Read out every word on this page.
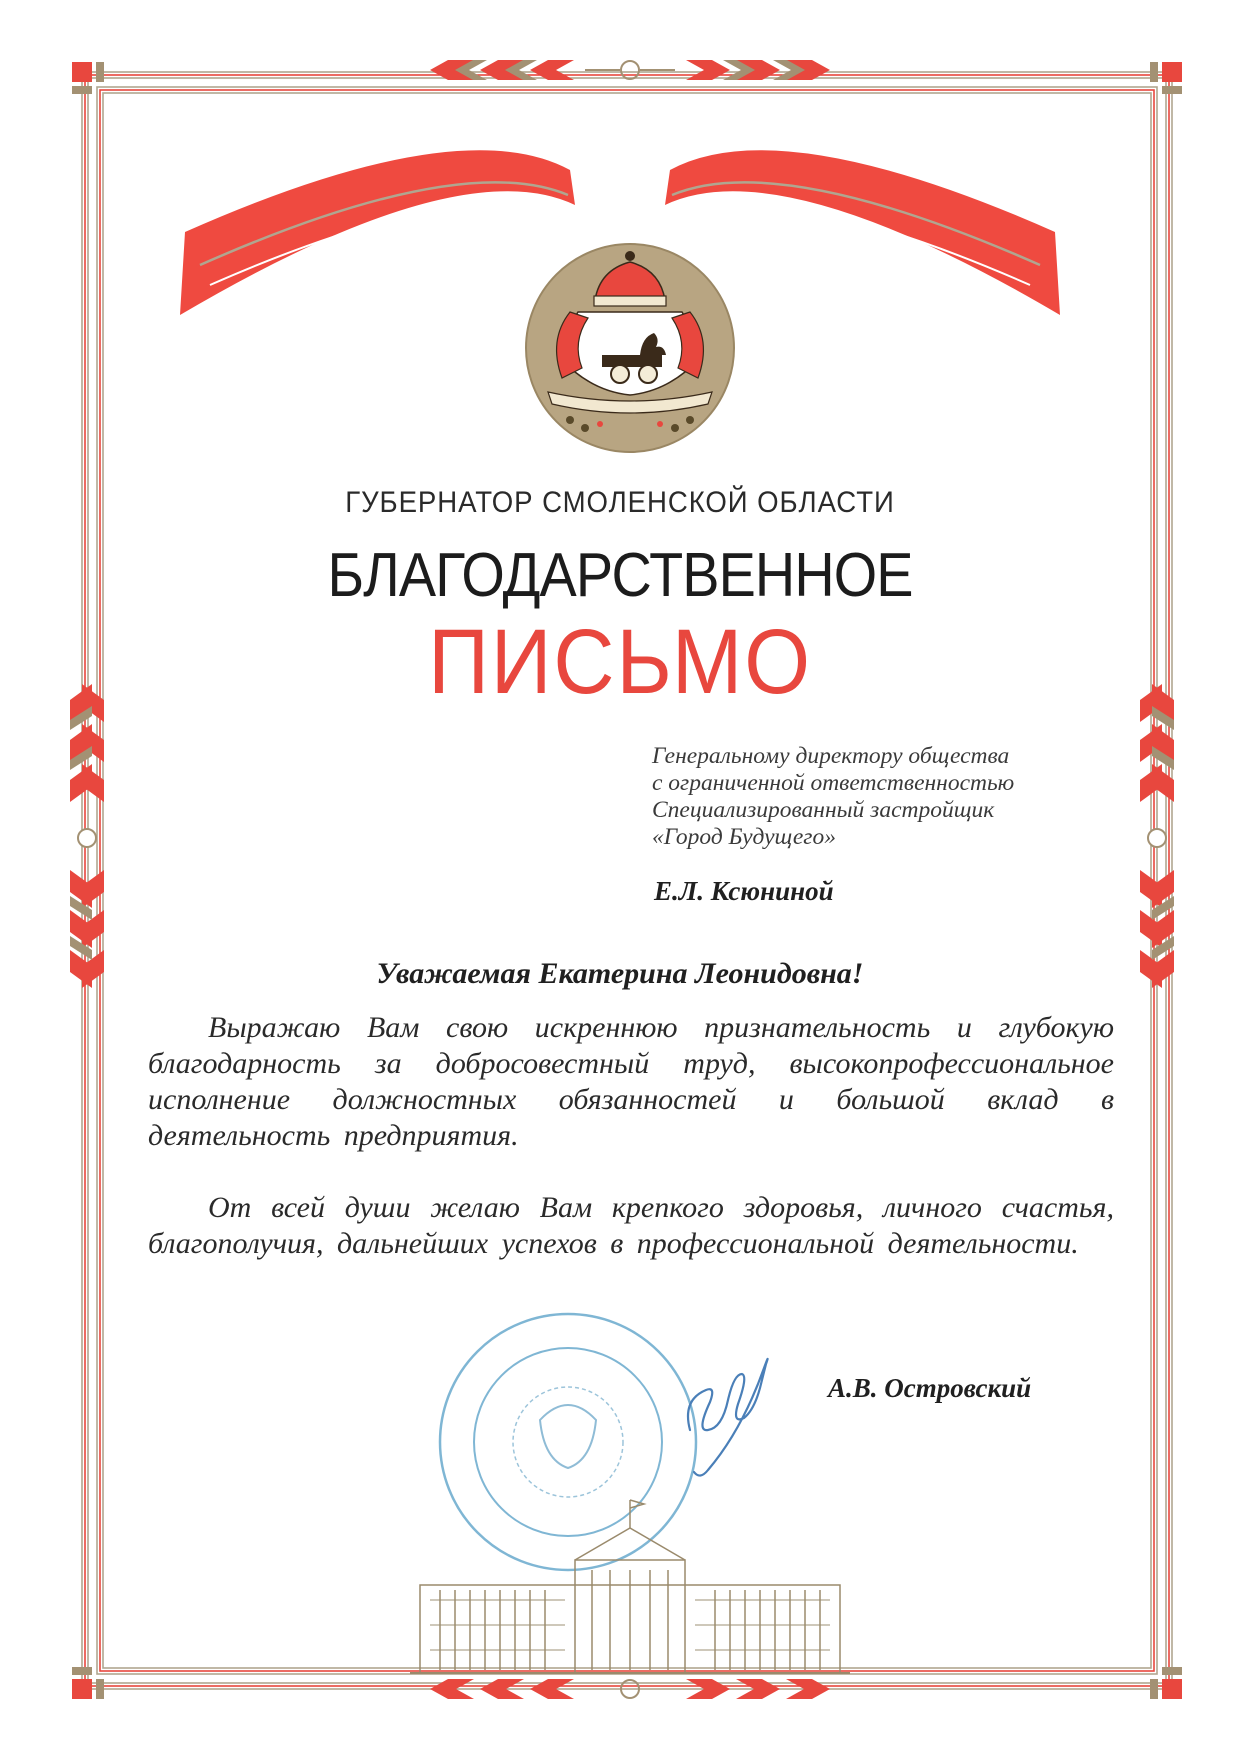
ГУБЕРНАТОР СМОЛЕНСКОЙ ОБЛАСТИ
БЛАГОДАРСТВЕННОЕ
ПИСЬМО
Генеральному директору общества
с ограниченной ответственностью
Специализированный застройщик
«Город Будущего»
Е.Л. Ксюниной
Уважаемая Екатерина Леонидовна!

Выражаю Вам свою искреннюю признательность и глубокую благодарность за добросовестный труд, высокопрофессиональное исполнение должностных обязанностей и большой вклад в деятельность предприятия.

От всей души желаю Вам крепкого здоровья, личного счастья, благополучия, дальнейших успехов в профессиональной деятельности.

А.В. Островский
